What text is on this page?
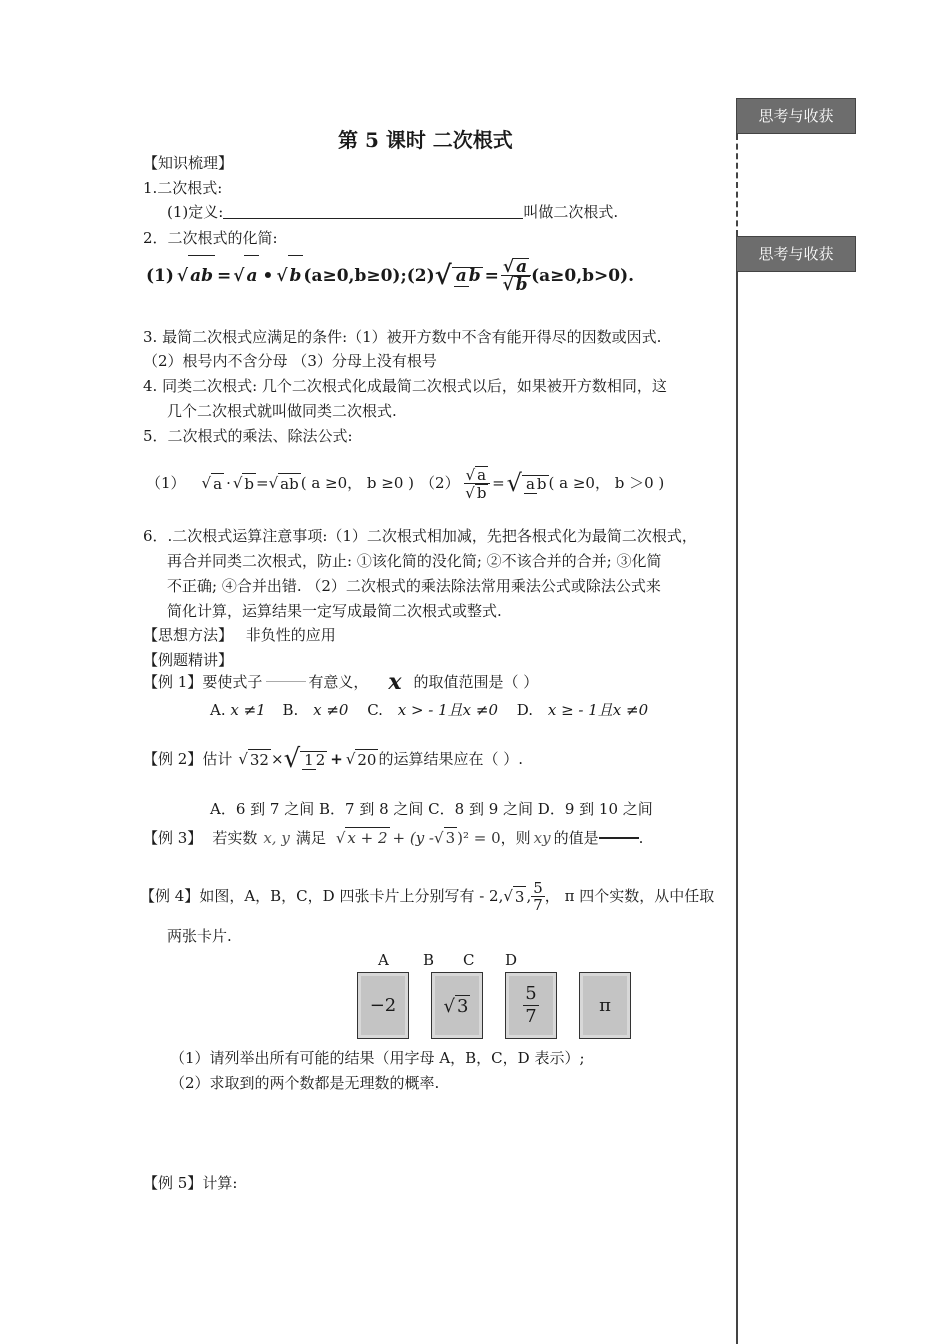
思考与收获
思考与收获
第 5 课时 二次根式
【知识梳理】
1.二次根式:
(1)定义:	叫做二次根式.
2．二次根式的化简:
(1) √ ab = √ a • √ b (a≥0,b≥0);(2) √ a $b = \frac{√ a}{√ b} (a\ge 0,b>0)$.
3. 最简二次根式应满足的条件:（1）被开方数中不含有能开得尽的因数或因式.
（2）根号内不含分母 （3）分母上没有根号
4. 同类二次根式: 几个二次根式化成最简二次根式以后，如果被开方数相同，这
几个二次根式就叫做同类二次根式.
5．二次根式的乘法、除法公式:
（1） √ a · √ b = √ ab ( a ≥0， b ≥0 ) $(2) \frac{√ a}{√ b}$ = √ a b ( a ≥0， b ＞0 )
6．.二次根式运算注意事项:（1）二次根式相加减，先把各根式化为最简二次根式，
再合并同类二次根式，防止: ①该化简的没化简; ②不该合并的合并; ③化简
不正确; ④合并出错. （2）二次根式的乘法除法常用乘法公式或除法公式来
简化计算，运算结果一定写成最简二次根式或整式.
【思想方法】 非负性的应用
【例题精讲】
【例 1】 要使式子	有意义， x 的取值范围是（ ）
A. x ≠1 B. x ≠0 C. x > - 1且x ≠0 D. x ≥ - 1且x ≠0
【例 2】 估计 √ 32 × √ 1 2 + √ 20 的运算结果应在（ ）.
A．6 到 7 之间 B．7 到 8 之间 C．8 到 9 之间 D．9 到 10 之间
【例 3】 若实数 x, y 满足 √ x + 2 + (y - √ 3 )² = 0 ，则 xy 的值是	.
【例 4】 如图，A，B，C，D 四张卡片上分别写有 - 2, √ 3 , $\frac{5}{7}$ ， π 四个实数，从中任取
两张卡片.
A B C D
−2	√ 3	$\frac{5}{7}$	π
（1）请列举出所有可能的结果（用字母 A，B，C，D 表示）;
（2）求取到的两个数都是无理数的概率.
【例 5】计算:
